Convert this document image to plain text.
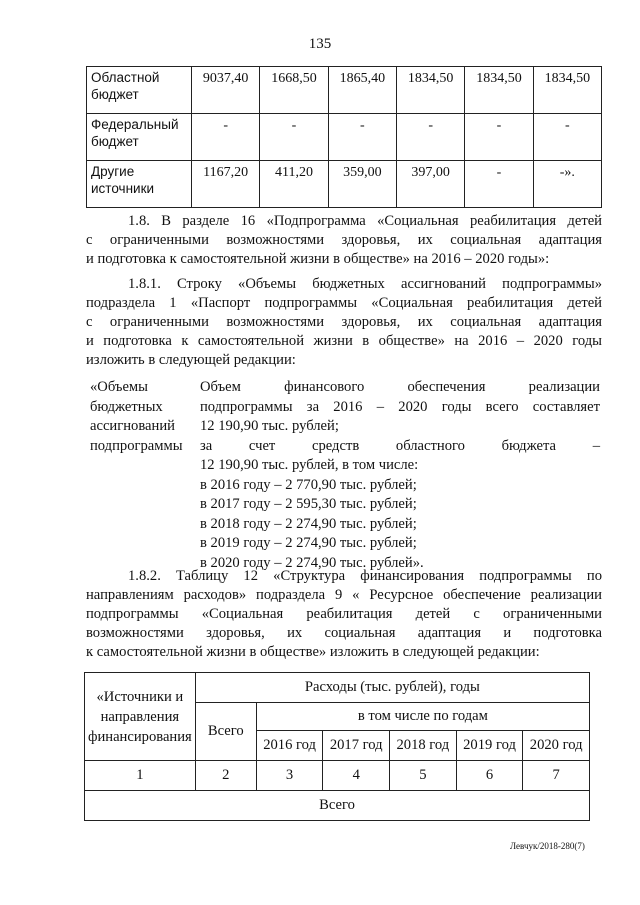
135
Областной бюджет	9037,40	1668,50	1865,40	1834,50	1834,50	1834,50
Федеральный бюджет	-	-	-	-	-	-
Другие источники	1167,20	411,20	359,00	397,00	-	-».
1.8. В разделе 16 «Подпрограмма «Социальная реабилитация детей
с ограниченными возможностями здоровья, их социальная адаптация
и подготовка к самостоятельной жизни в обществе» на 2016 – 2020 годы»:
1.8.1. Строку «Объемы бюджетных ассигнований подпрограммы»
подраздела 1 «Паспорт подпрограммы «Социальная реабилитация детей
с ограниченными возможностями здоровья, их социальная адаптация
и подготовка к самостоятельной жизни в обществе» на 2016 – 2020 годы
изложить в следующей редакции:
«Объемы
бюджетных
ассигнований
подпрограммы
Объем финансового обеспечения реализации
подпрограммы за 2016 – 2020 годы всего составляет
12 190,90 тыс. рублей;
за счет средств областного бюджета –
12 190,90 тыс. рублей, в том числе:
в 2016 году – 2 770,90 тыс. рублей;
в 2017 году – 2 595,30 тыс. рублей;
в 2018 году – 2 274,90 тыс. рублей;
в 2019 году – 2 274,90 тыс. рублей;
в 2020 году – 2 274,90 тыс. рублей».
1.8.2. Таблицу 12 «Структура финансирования подпрограммы по
направлениям расходов» подраздела 9 « Ресурсное обеспечение реализации
подпрограммы «Социальная реабилитация детей с ограниченными
возможностями здоровья, их социальная адаптация и подготовка
к самостоятельной жизни в обществе» изложить в следующей редакции:
«Источники и направления финансирования	Расходы (тыс. рублей), годы					
	Всего	в том числе по годам				
		2016 год	2017 год	2018 год	2019 год	2020 год
1	2	3	4	5	6	7
Всего						
Левчук/2018-280(7)
